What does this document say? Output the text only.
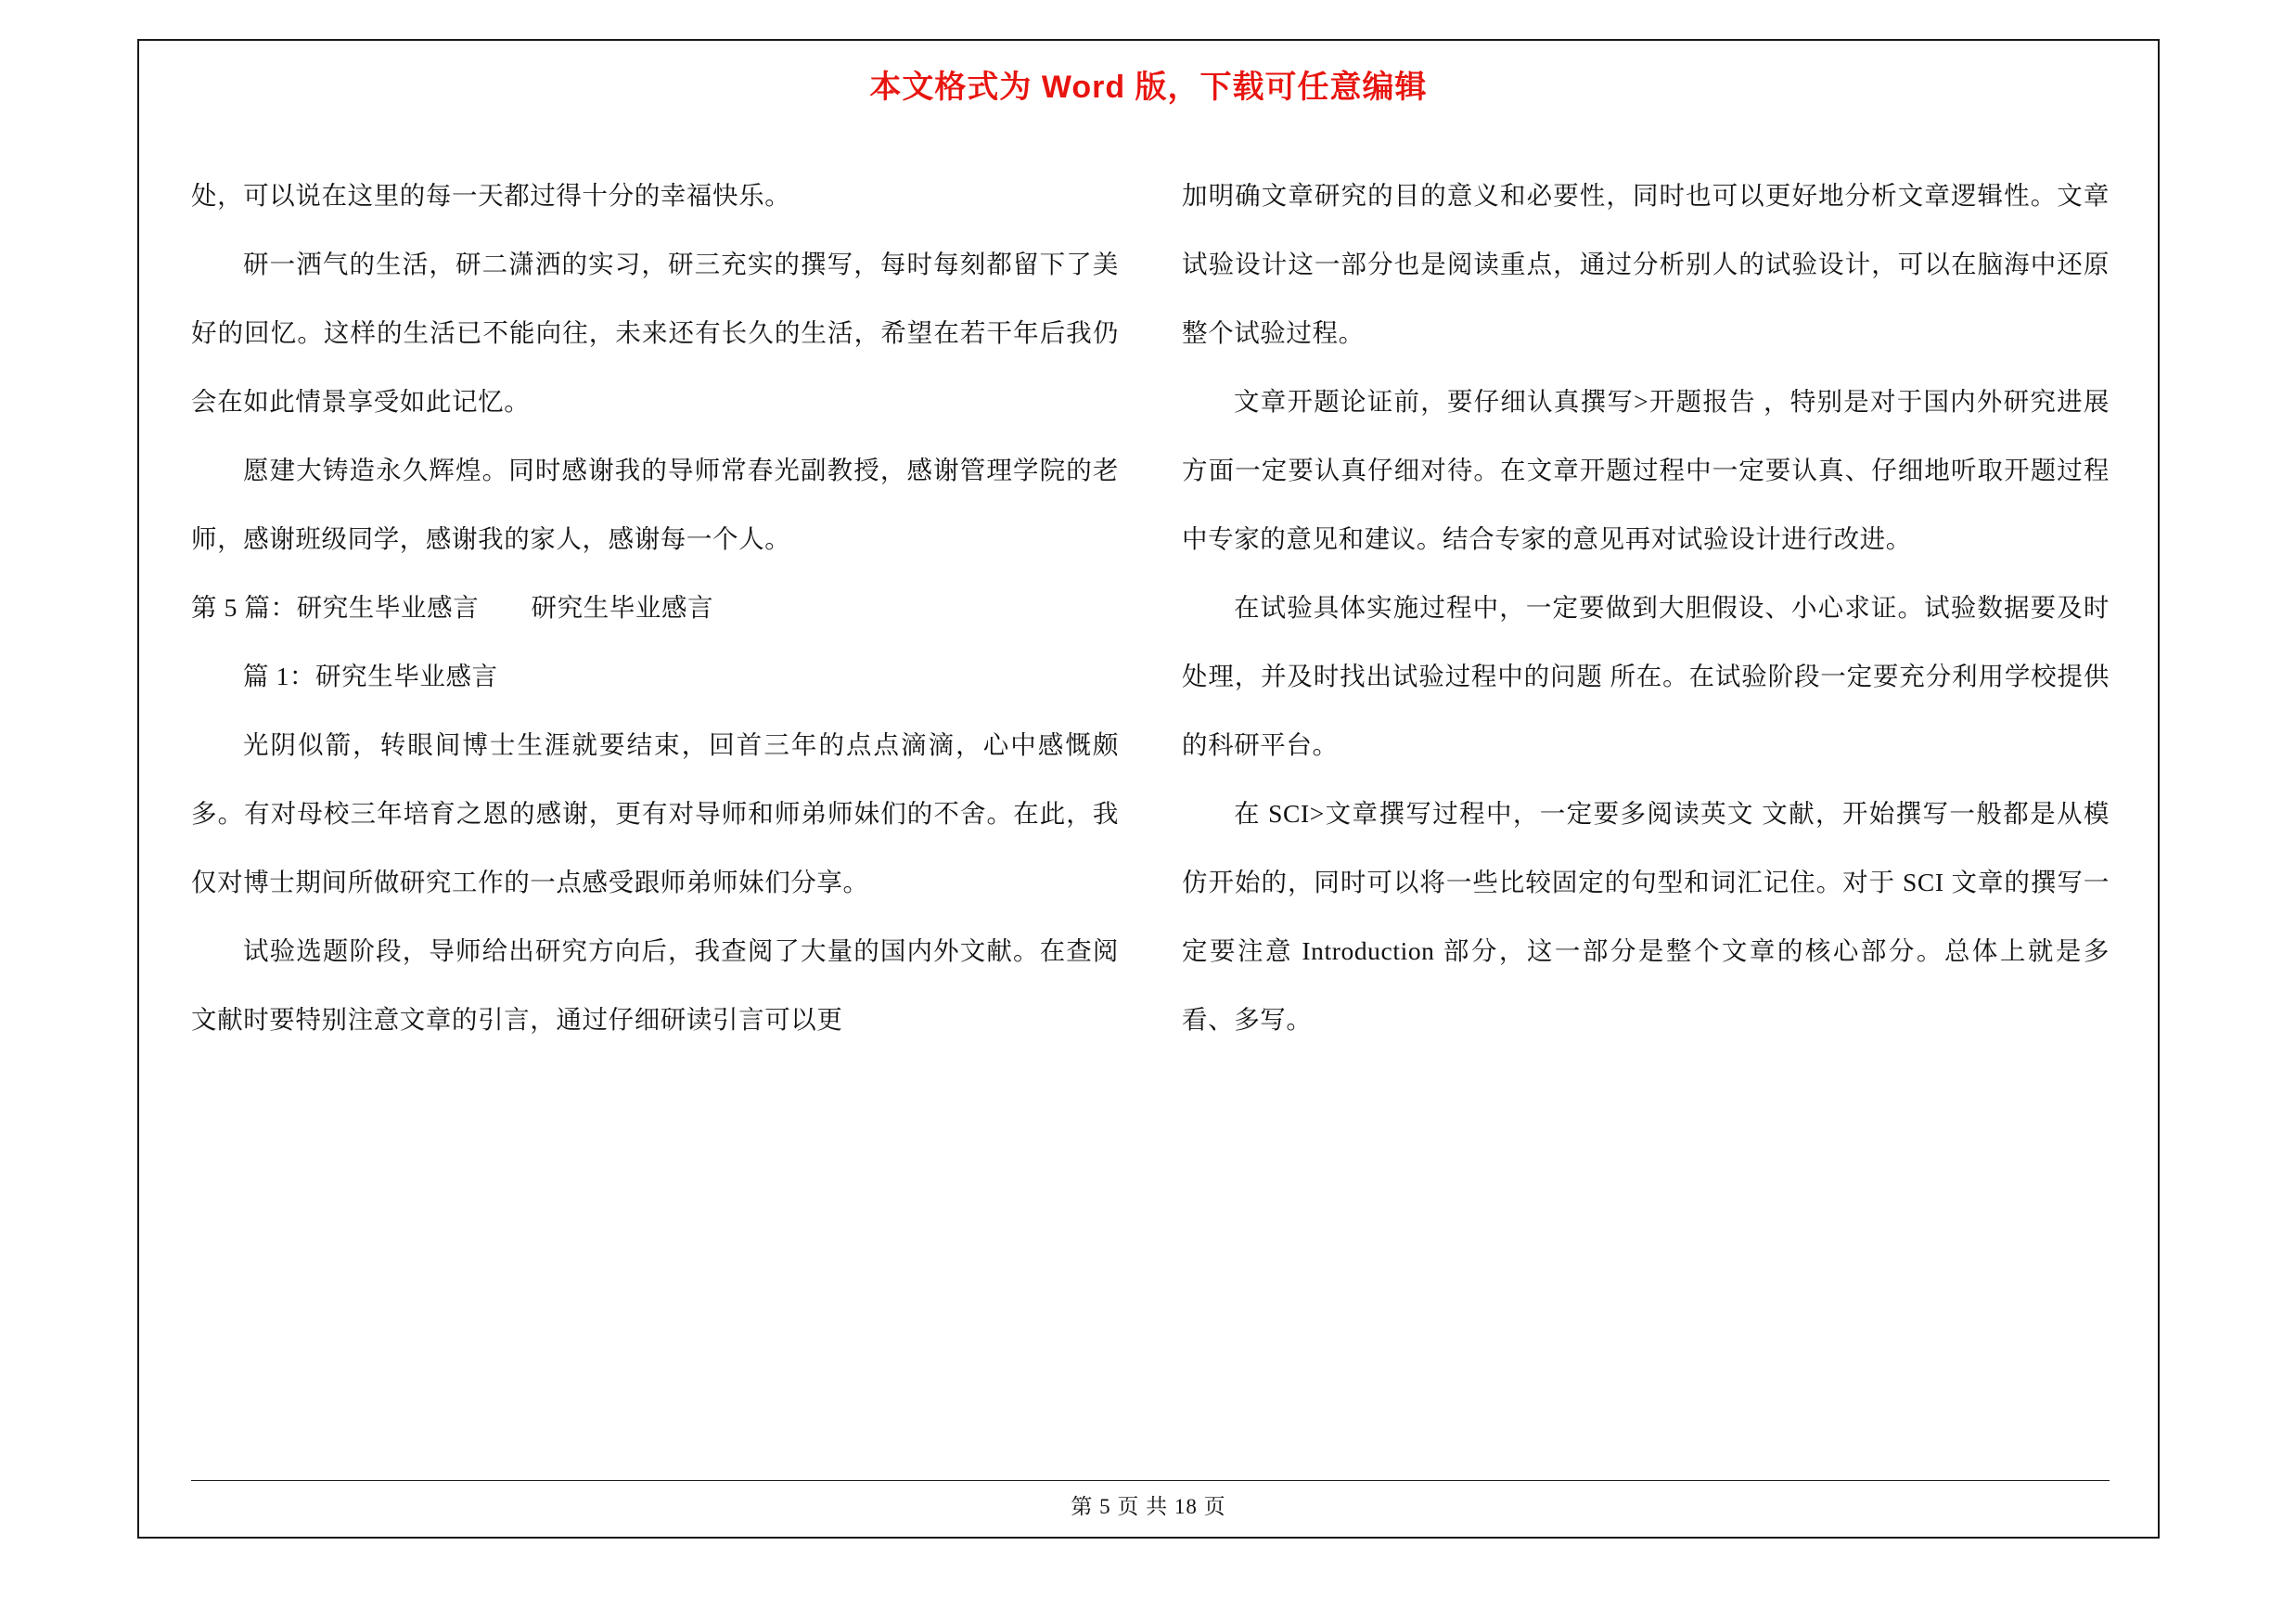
本文格式为 Word 版，下载可任意编辑

处，可以说在这里的每一天都过得十分的幸福快乐。

研一洒气的生活，研二潇洒的实习，研三充实的撰写，每时每刻都留下了美好的回忆。这样的生活已不能向往，未来还有长久的生活，希望在若干年后我仍会在如此情景享受如此记忆。

愿建大铸造永久辉煌。同时感谢我的导师常春光副教授，感谢管理学院的老师，感谢班级同学，感谢我的家人，感谢每一个人。

第 5 篇：研究生毕业感言　　研究生毕业感言

篇 1：研究生毕业感言

光阴似箭，转眼间博士生涯就要结束，回首三年的点点滴滴，心中感慨颇多。有对母校三年培育之恩的感谢，更有对导师和师弟师妹们的不舍。在此，我仅对博士期间所做研究工作的一点感受跟师弟师妹们分享。

试验选题阶段，导师给出研究方向后，我查阅了大量的国内外文献。在查阅文献时要特别注意文章的引言，通过仔细研读引言可以更

加明确文章研究的目的意义和必要性，同时也可以更好地分析文章逻辑性。文章试验设计这一部分也是阅读重点，通过分析别人的试验设计，可以在脑海中还原整个试验过程。

文章开题论证前，要仔细认真撰写>开题报告 ，特别是对于国内外研究进展方面一定要认真仔细对待。在文章开题过程中一定要认真、仔细地听取开题过程中专家的意见和建议。结合专家的意见再对试验设计进行改进。

在试验具体实施过程中，一定要做到大胆假设、小心求证。试验数据要及时处理，并及时找出试验过程中的问题 所在。在试验阶段一定要充分利用学校提供的科研平台。

在 SCI>文章撰写过程中，一定要多阅读英文 文献，开始撰写一般都是从模仿开始的，同时可以将一些比较固定的句型和词汇记住。对于 SCI 文章的撰写一定要注意 Introduction 部分，这一部分是整个文章的核心部分。总体上就是多看、多写。

第 5 页 共 18 页
